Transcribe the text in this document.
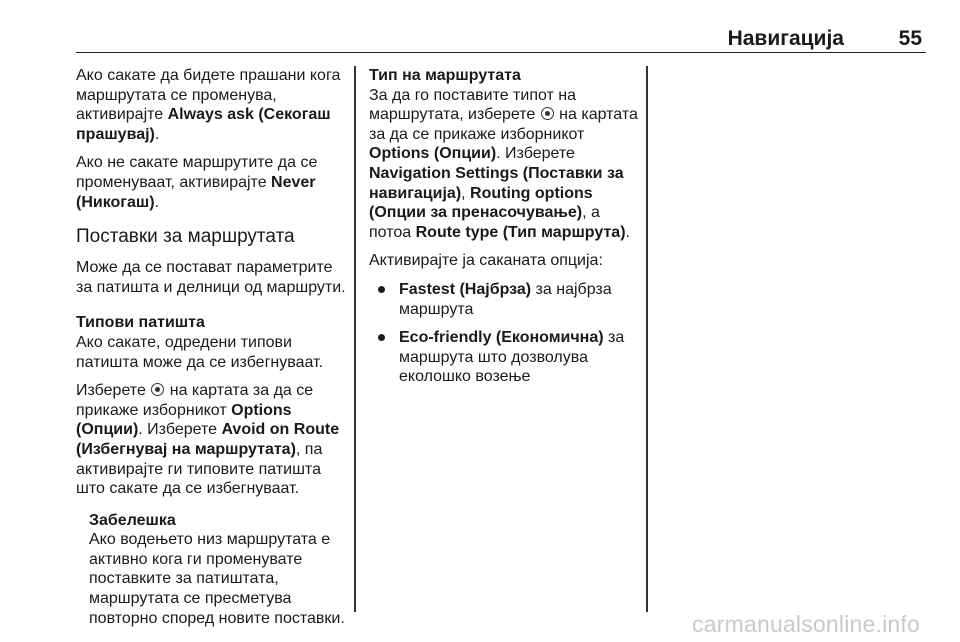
Навигација	55

Ако сакате да бидете прашани кога маршрутата се променува, активирајте Always ask (Секогаш прашувај).

Ако не сакате маршрутите да се променуваат, активирајте Never (Никогаш).

Поставки за маршрутата

Може да се постават параметрите за патишта и делници од маршрути.

Типови патишта

Ако сакате, одредени типови патишта може да се избегнуваат.

Изберете  на картата за да се прикаже изборникот Options (Опции). Изберете Avoid on Route (Избегнувај на маршрутата), па активирајте ги типовите патишта што сакате да се избегнуваат.

Забелешка
Ако водењето низ маршрутата е активно кога ги променувате поставките за патиштата, маршрутата се пресметува повторно според новите поставки.
Тип на маршрутата

За да го поставите типот на маршрутата, изберете  на картата за да се прикаже изборникот Options (Опции). Изберете Navigation Settings (Поставки за навигација), Routing options (Опции за пренасочување), а потоа Route type (Тип маршрута).

Активирајте ја саканата опција:

Fastest (Најбрза) за најбрза маршрута
Eco-friendly (Економична) за маршрута што дозволува еколошко возење
carmanualsonline.info
